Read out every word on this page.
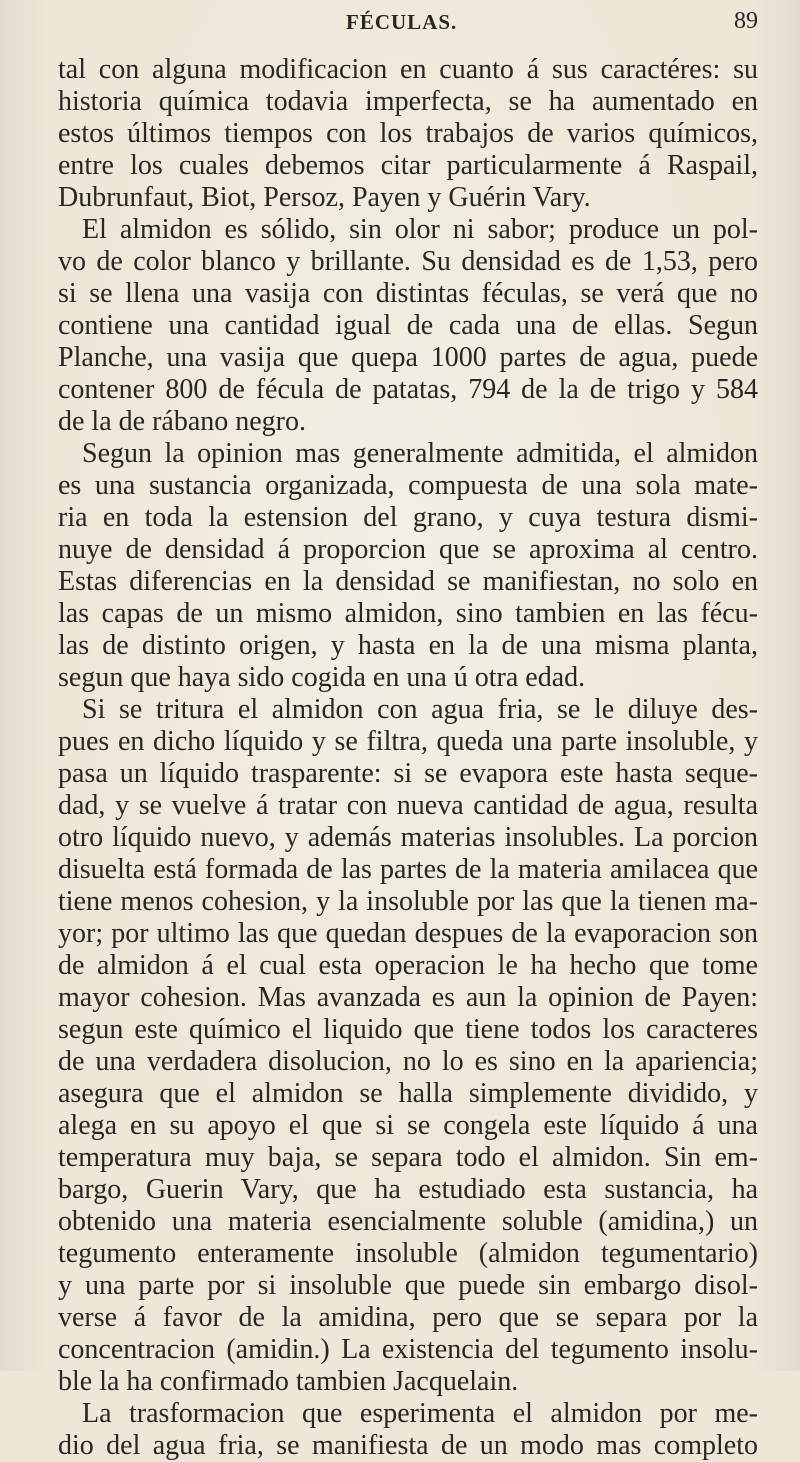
FÉCULAS.	89
tal con alguna modificacion en cuanto á sus caractéres: su
historia química todavia imperfecta, se ha aumentado en
estos últimos tiempos con los trabajos de varios químicos,
entre los cuales debemos citar particularmente á Raspail,
Dubrunfaut, Biot, Persoz, Payen y Guérin Vary.
El almidon es sólido, sin olor ni sabor; produce un pol-
vo de color blanco y brillante. Su densidad es de 1,53, pero
si se llena una vasija con distintas féculas, se verá que no
contiene una cantidad igual de cada una de ellas. Segun
Planche, una vasija que quepa 1000 partes de agua, puede
contener 800 de fécula de patatas, 794 de la de trigo y 584
de la de rábano negro.
Segun la opinion mas generalmente admitida, el almidon
es una sustancia organizada, compuesta de una sola mate-
ria en toda la estension del grano, y cuya testura dismi-
nuye de densidad á proporcion que se aproxima al centro.
Estas diferencias en la densidad se manifiestan, no solo en
las capas de un mismo almidon, sino tambien en las fécu-
las de distinto origen, y hasta en la de una misma planta,
segun que haya sido cogida en una ú otra edad.
Si se tritura el almidon con agua fria, se le diluye des-
pues en dicho líquido y se filtra, queda una parte insoluble, y
pasa un líquido trasparente: si se evapora este hasta seque-
dad, y se vuelve á tratar con nueva cantidad de agua, resulta
otro líquido nuevo, y además materias insolubles. La porcion
disuelta está formada de las partes de la materia amilacea que
tiene menos cohesion, y la insoluble por las que la tienen ma-
yor; por ultimo las que quedan despues de la evaporacion son
de almidon á el cual esta operacion le ha hecho que tome
mayor cohesion. Mas avanzada es aun la opinion de Payen:
segun este químico el liquido que tiene todos los caracteres
de una verdadera disolucion, no lo es sino en la apariencia;
asegura que el almidon se halla simplemente dividido, y
alega en su apoyo el que si se congela este líquido á una
temperatura muy baja, se separa todo el almidon. Sin em-
bargo, Guerin Vary, que ha estudiado esta sustancia, ha
obtenido una materia esencialmente soluble (amidina,) un
tegumento enteramente insoluble (almidon tegumentario)
y una parte por si insoluble que puede sin embargo disol-
verse á favor de la amidina, pero que se separa por la
concentracion (amidin.) La existencia del tegumento insolu-
ble la ha confirmado tambien Jacquelain.
La trasformacion que esperimenta el almidon por me-
dio del agua fria, se manifiesta de un modo mas completo
